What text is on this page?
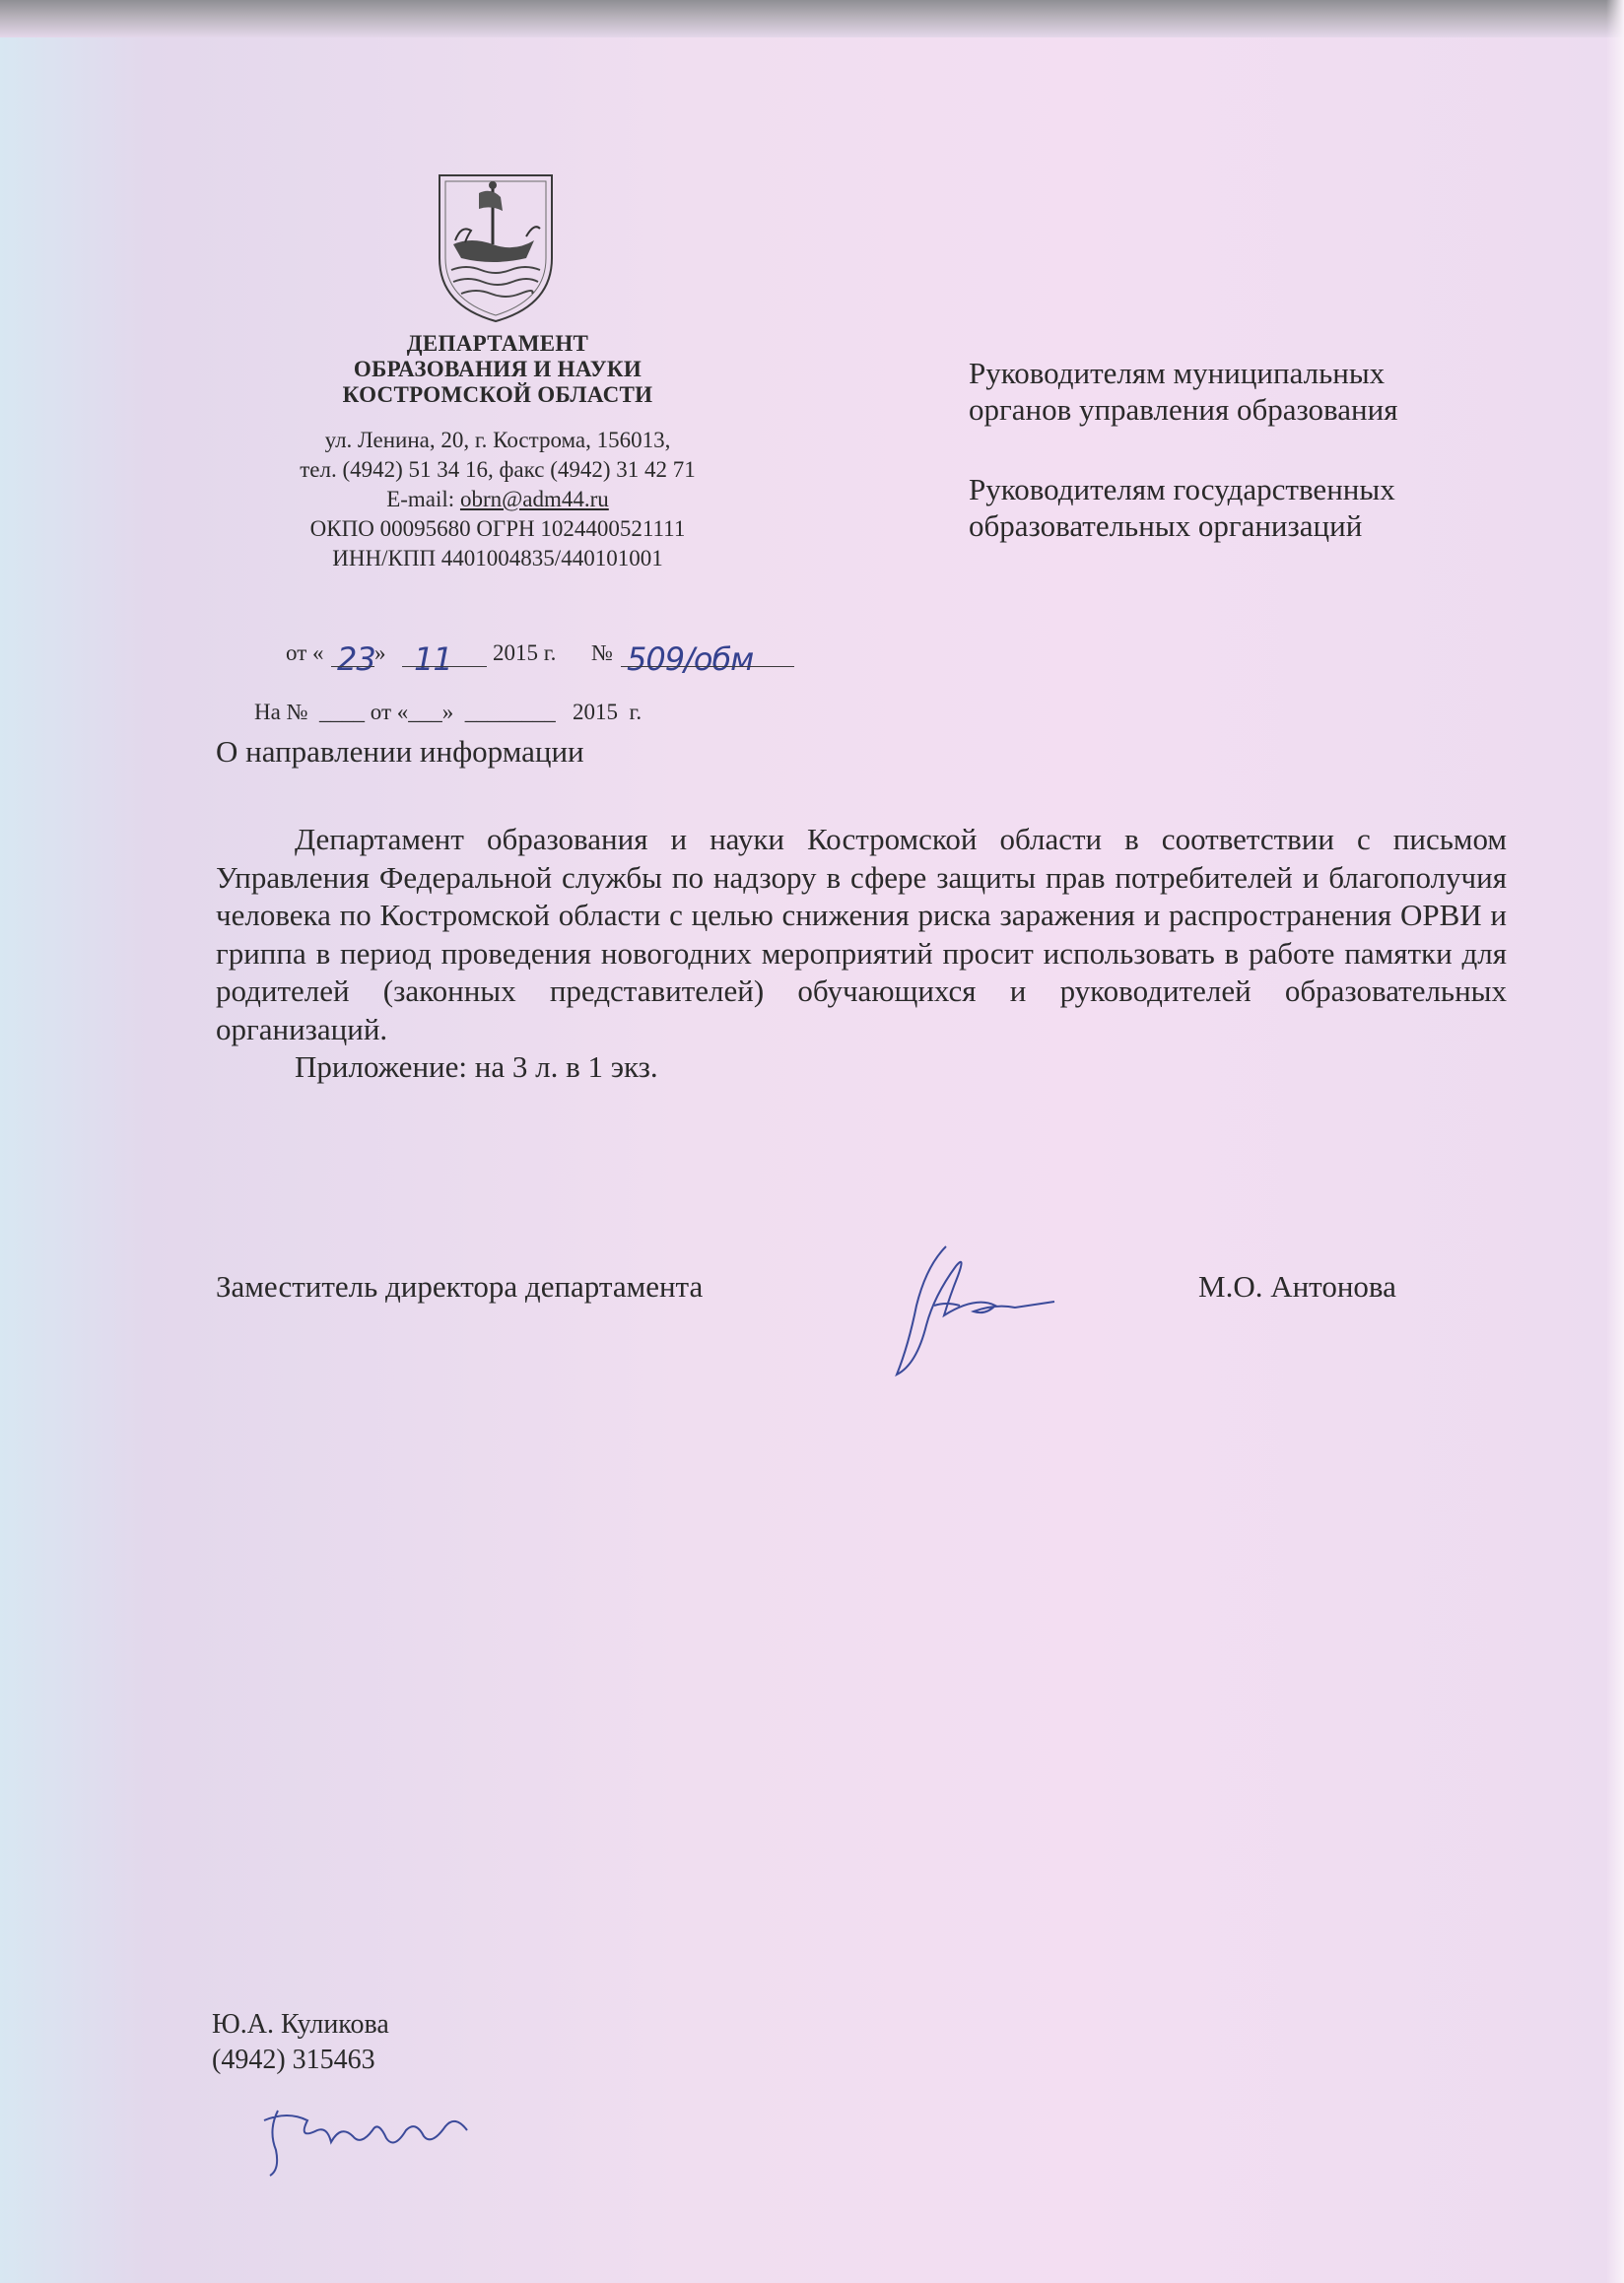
ДЕПАРТАМЕНТ
ОБРАЗОВАНИЯ И НАУКИ
КОСТРОМСКОЙ ОБЛАСТИ
ул. Ленина, 20, г. Кострома, 156013,
тел. (4942) 51 34 16, факс (4942) 31 42 71
E-mail: obrn@adm44.ru
ОКПО 00095680 ОГРН 1024400521111
ИНН/КПП 4401004835/440101001
Руководителям муниципальных
органов управления образования
Руководителям государственных
образовательных организаций
от « 23 » 11 2015 г. № 509/обм
На №  ____ от «___»  ________   2015  г.
О направлении информации

Департамент образования и науки Костромской области в соответствии с письмом Управления Федеральной службы по надзору в сфере защиты прав потребителей и благополучия человека по Костромской области с целью снижения риска заражения и распространения ОРВИ и гриппа в период проведения новогодних мероприятий просит использовать в работе памятки для родителей (законных представителей) обучающихся и руководителей образовательных организаций.

Приложение: на 3 л. в 1 экз.

Заместитель директора департамента	М.О. Антонова
Ю.А. Куликова
(4942) 315463
